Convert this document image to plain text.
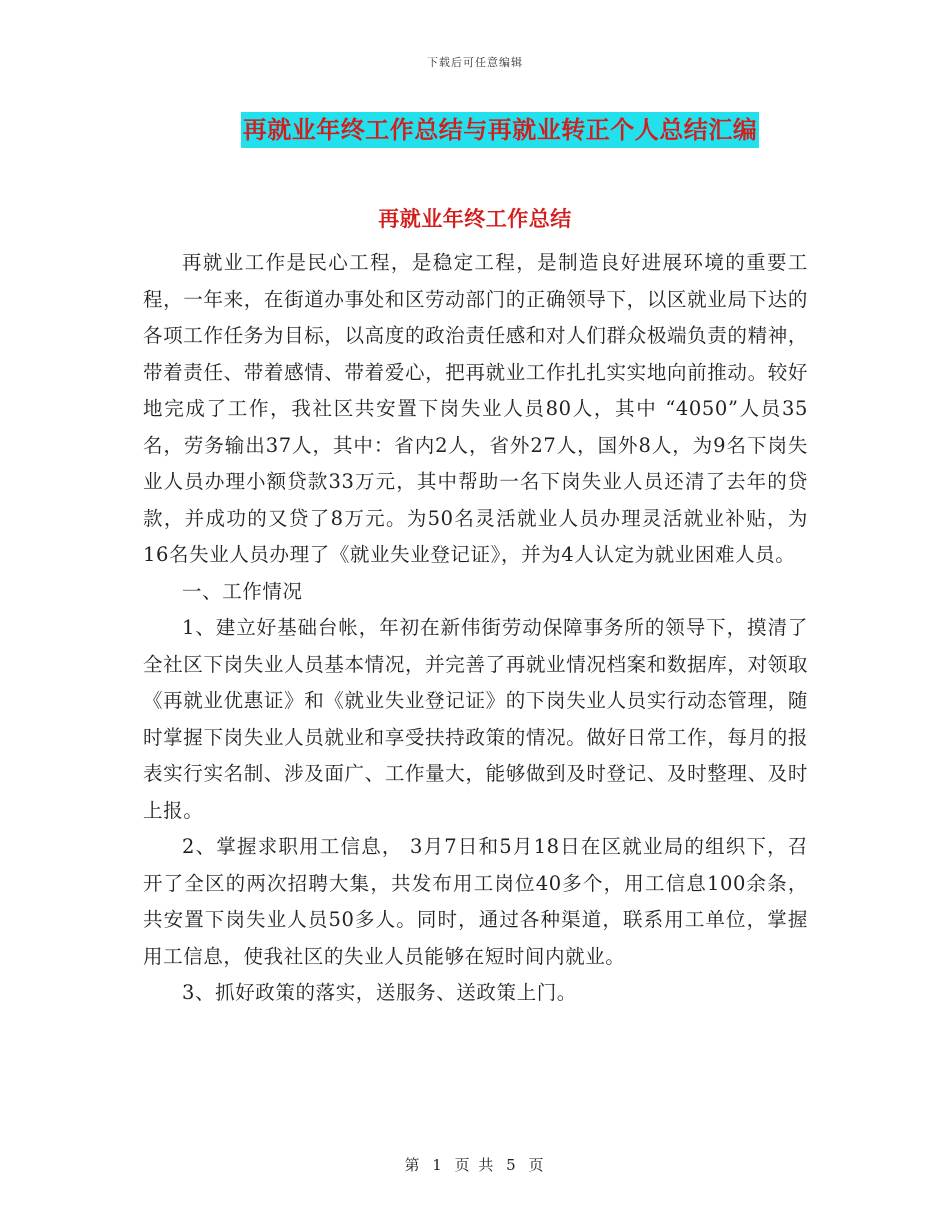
下载后可任意编辑
再就业年终工作总结与再就业转正个人总结汇编
再就业年终工作总结

再就业工作是民心工程，是稳定工程，是制造良好进展环境的重要工程，一年来，在街道办事处和区劳动部门的正确领导下，以区就业局下达的各项工作任务为目标，以高度的政治责任感和对人们群众极端负责的精神，带着责任、带着感情、带着爱心，把再就业工作扎扎实实地向前推动。较好地完成了工作，我社区共安置下岗失业人员80人，其中 “4050”人员35名，劳务输出37人，其中：省内2人，省外27人，国外8人，为9名下岗失业人员办理小额贷款33万元，其中帮助一名下岗失业人员还清了去年的贷款，并成功的又贷了8万元。为50名灵活就业人员办理灵活就业补贴，为16名失业人员办理了《就业失业登记证》，并为4人认定为就业困难人员。

一、工作情况

1、建立好基础台帐，年初在新伟街劳动保障事务所的领导下，摸清了全社区下岗失业人员基本情况，并完善了再就业情况档案和数据库，对领取《再就业优惠证》和《就业失业登记证》的下岗失业人员实行动态管理，随时掌握下岗失业人员就业和享受扶持政策的情况。做好日常工作，每月的报表实行实名制、涉及面广、工作量大，能够做到及时登记、及时整理、及时上报。

2、掌握求职用工信息， 3月7日和5月18日在区就业局的组织下，召开了全区的两次招聘大集，共发布用工岗位40多个，用工信息100余条，共安置下岗失业人员50多人。同时，通过各种渠道，联系用工单位，掌握用工信息，使我社区的失业人员能够在短时间内就业。

3、抓好政策的落实，送服务、送政策上门。

第 1 页 共 5 页
